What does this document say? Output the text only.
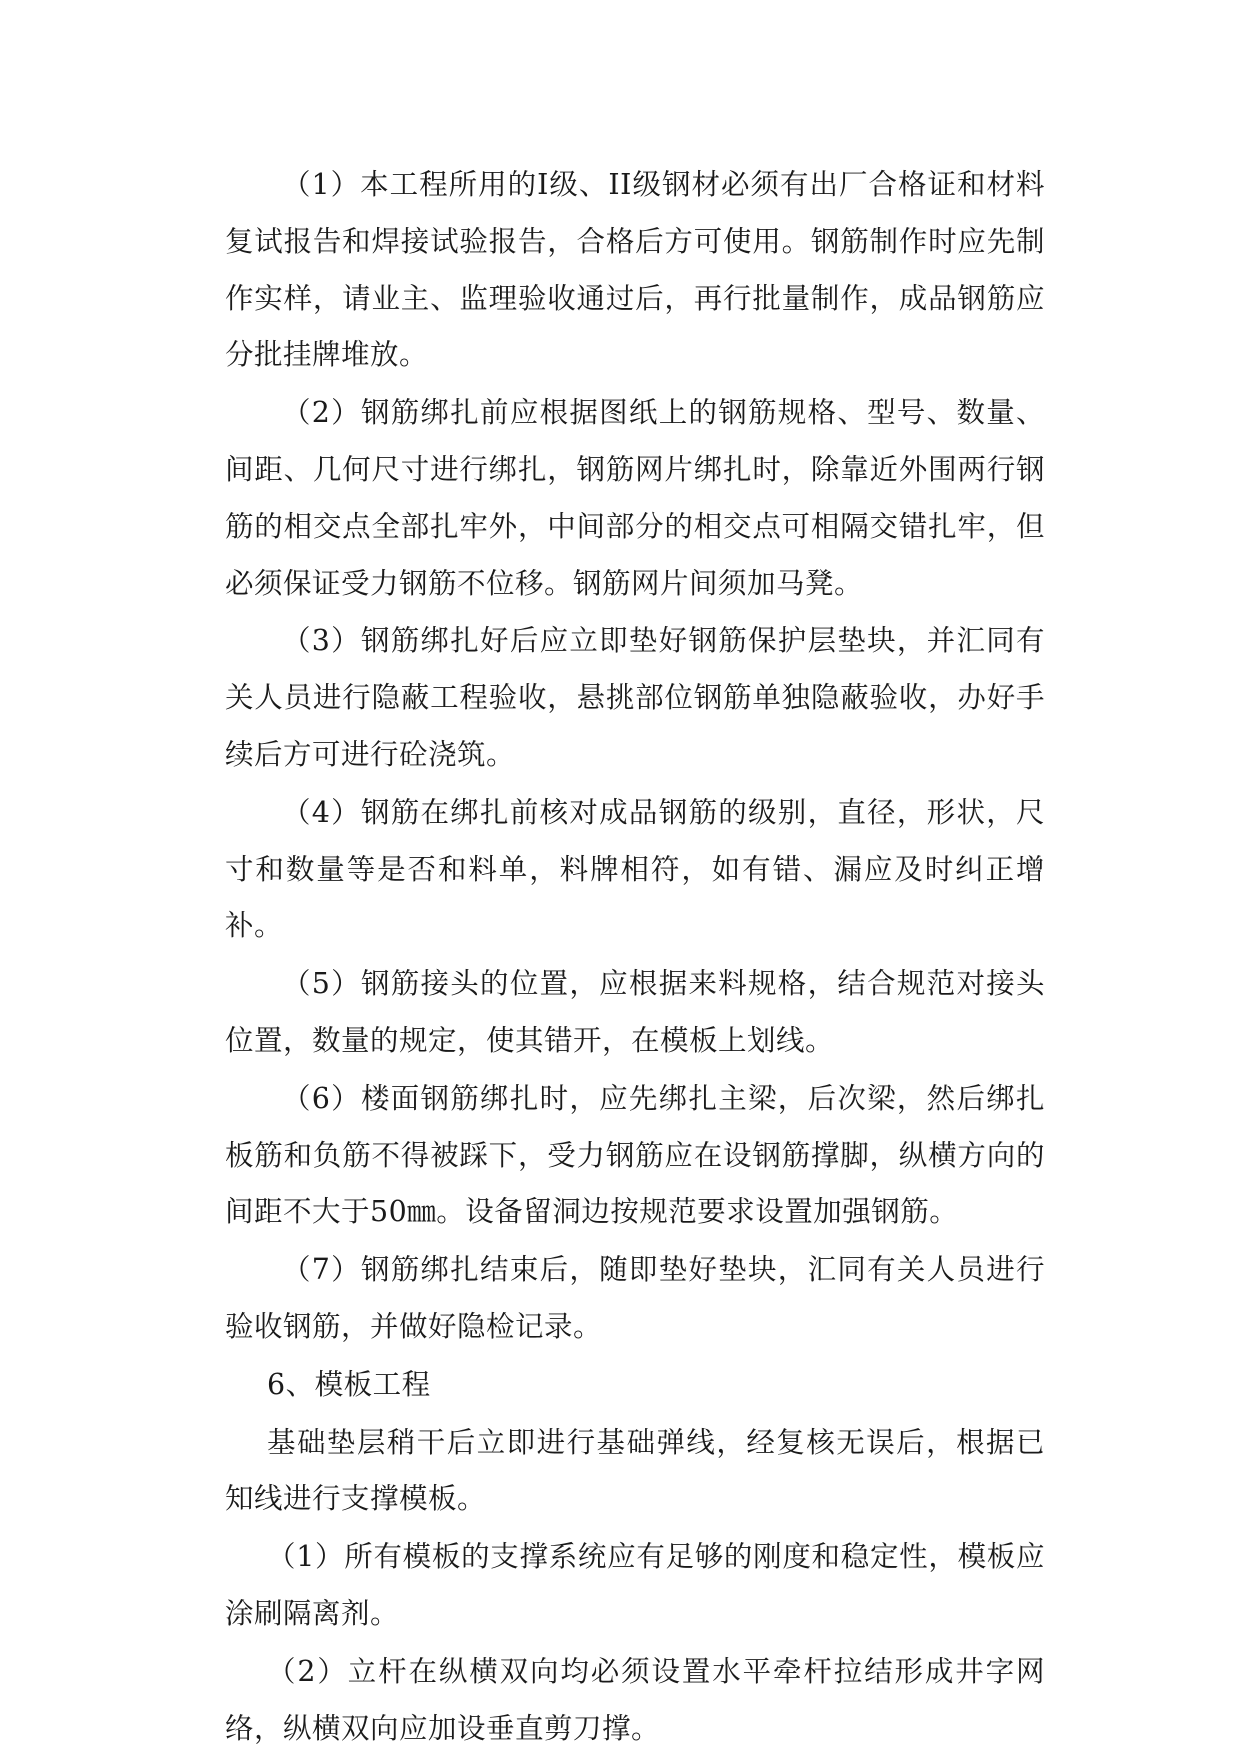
（1）本工程所用的Ⅰ级、II级钢材必须有出厂合格证和材料复试报告和焊接试验报告，合格后方可使用。钢筋制作时应先制作实样，请业主、监理验收通过后，再行批量制作，成品钢筋应分批挂牌堆放。

（2）钢筋绑扎前应根据图纸上的钢筋规格、型号、数量、间距、几何尺寸进行绑扎，钢筋网片绑扎时，除靠近外围两行钢筋的相交点全部扎牢外，中间部分的相交点可相隔交错扎牢，但必须保证受力钢筋不位移。钢筋网片间须加马凳。

（3）钢筋绑扎好后应立即垫好钢筋保护层垫块，并汇同有关人员进行隐蔽工程验收，悬挑部位钢筋单独隐蔽验收，办好手续后方可进行砼浇筑。

（4）钢筋在绑扎前核对成品钢筋的级别，直径，形状，尺寸和数量等是否和料单，料牌相符，如有错、漏应及时纠正增补。

（5）钢筋接头的位置，应根据来料规格，结合规范对接头位置，数量的规定，使其错开，在模板上划线。

（6）楼面钢筋绑扎时，应先绑扎主梁，后次梁，然后绑扎板筋和负筋不得被踩下，受力钢筋应在设钢筋撑脚，纵横方向的间距不大于50㎜。设备留洞边按规范要求设置加强钢筋。

（7）钢筋绑扎结束后，随即垫好垫块，汇同有关人员进行验收钢筋，并做好隐检记录。

6、模板工程

基础垫层稍干后立即进行基础弹线，经复核无误后，根据已知线进行支撑模板。

（1）所有模板的支撑系统应有足够的刚度和稳定性，模板应涂刷隔离剂。

（2）立杆在纵横双向均必须设置水平牵杆拉结形成井字网络，纵横双向应加设垂直剪刀撑。
